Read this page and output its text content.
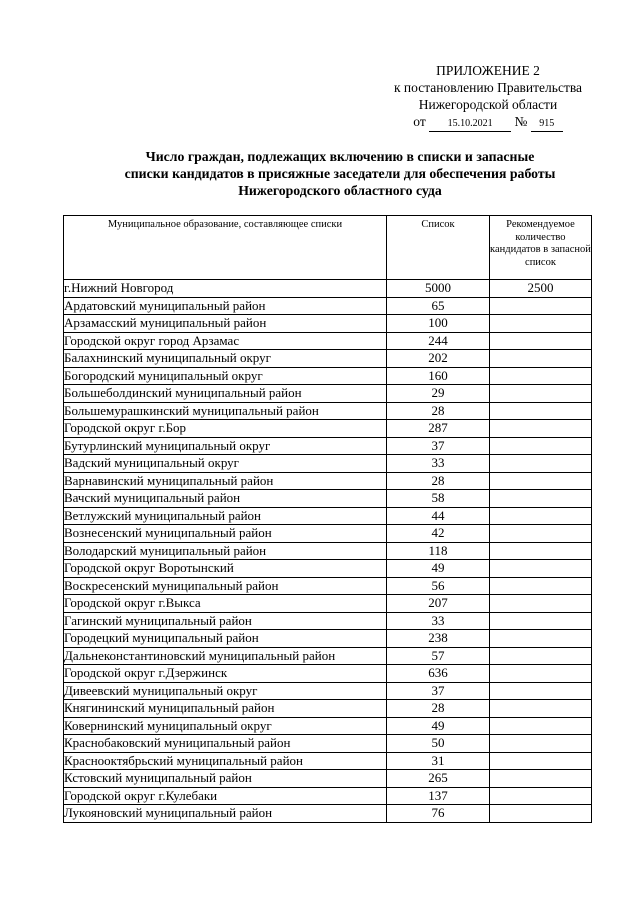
ПРИЛОЖЕНИЕ 2
к постановлению Правительства
Нижегородской области
от 15.10.2021 № 915
Число граждан, подлежащих включению в списки и запасные
списки кандидатов в присяжные заседатели для обеспечения работы
Нижегородского областного суда
Муниципальное образование, составляющее списки	Список	Рекомендуемое количество кандидатов в запасной список
г.Нижний Новгород	5000	2500
Ардатовский муниципальный район	65	
Арзамасский муниципальный район	100	
Городской округ город Арзамас	244	
Балахнинский муниципальный округ	202	
Богородский муниципальный округ	160	
Большеболдинский муниципальный район	29	
Большемурашкинский муниципальный район	28	
Городской округ г.Бор	287	
Бутурлинский муниципальный округ	37	
Вадский муниципальный округ	33	
Варнавинский муниципальный район	28	
Вачский муниципальный район	58	
Ветлужский муниципальный район	44	
Вознесенский муниципальный район	42	
Володарский муниципальный район	118	
Городской округ Воротынский	49	
Воскресенский муниципальный район	56	
Городской округ г.Выкса	207	
Гагинский муниципальный район	33	
Городецкий муниципальный район	238	
Дальнеконстантиновский муниципальный район	57	
Городской округ г.Дзержинск	636	
Дивеевский муниципальный округ	37	
Княгининский муниципальный район	28	
Ковернинский муниципальный округ	49	
Краснобаковский муниципальный район	50	
Краснооктябрьский муниципальный район	31	
Кстовский муниципальный район	265	
Городской округ г.Кулебаки	137	
Лукояновский муниципальный район	76	
